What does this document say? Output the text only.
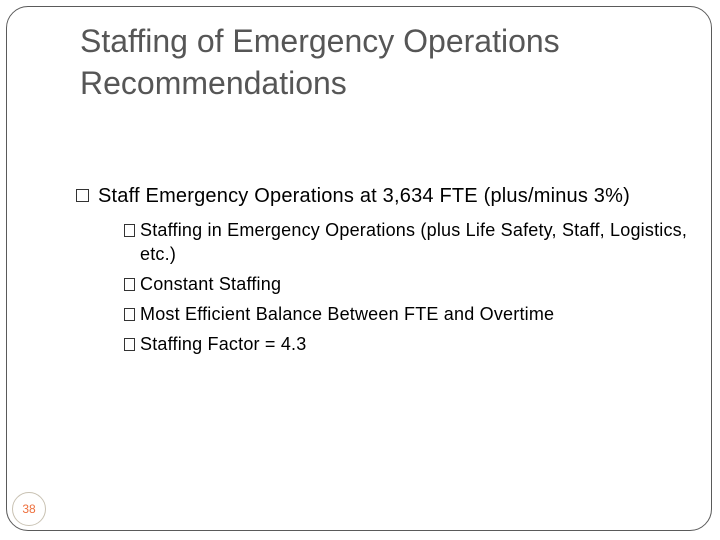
Staffing of Emergency Operations
Recommendations
Staff Emergency Operations at 3,634 FTE (plus/minus 3%)
Staffing in Emergency Operations (plus Life Safety, Staff, Logistics, etc.)
Constant Staffing
Most Efficient Balance Between FTE and Overtime
Staffing Factor = 4.3
38
